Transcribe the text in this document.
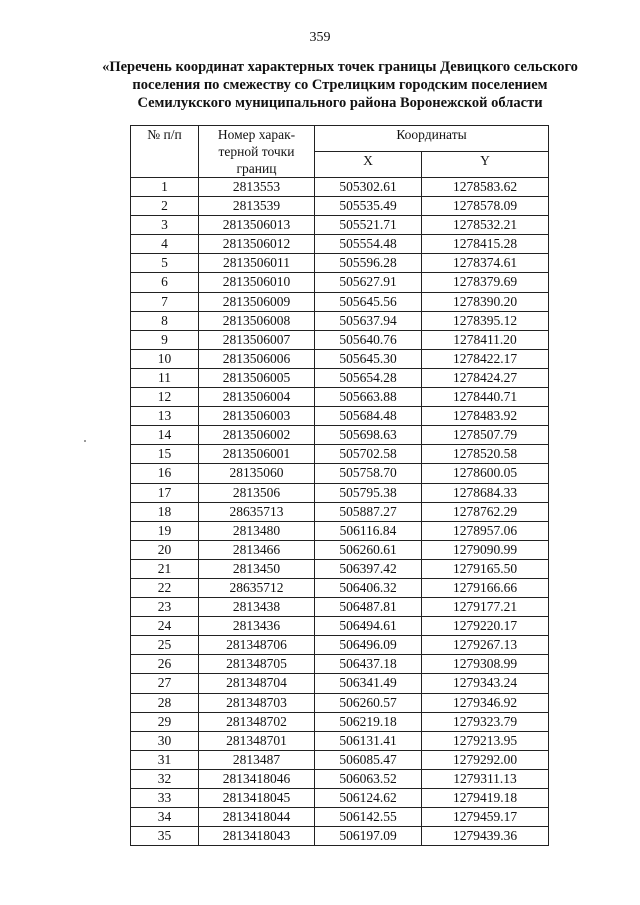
359
«Перечень координат характерных точек границы Девицкого сельского
поселения по смежеству со Стрелицким городским поселением
Семилукского муниципального района Воронежской области
№ п/п	Номер харак-
терной точки
границ	Координаты	
		X	Y
1	2813553	505302.61	1278583.62
2	2813539	505535.49	1278578.09
3	2813506013	505521.71	1278532.21
4	2813506012	505554.48	1278415.28
5	2813506011	505596.28	1278374.61
6	2813506010	505627.91	1278379.69
7	2813506009	505645.56	1278390.20
8	2813506008	505637.94	1278395.12
9	2813506007	505640.76	1278411.20
10	2813506006	505645.30	1278422.17
11	2813506005	505654.28	1278424.27
12	2813506004	505663.88	1278440.71
13	2813506003	505684.48	1278483.92
14	2813506002	505698.63	1278507.79
15	2813506001	505702.58	1278520.58
16	28135060	505758.70	1278600.05
17	2813506	505795.38	1278684.33
18	28635713	505887.27	1278762.29
19	2813480	506116.84	1278957.06
20	2813466	506260.61	1279090.99
21	2813450	506397.42	1279165.50
22	28635712	506406.32	1279166.66
23	2813438	506487.81	1279177.21
24	2813436	506494.61	1279220.17
25	281348706	506496.09	1279267.13
26	281348705	506437.18	1279308.99
27	281348704	506341.49	1279343.24
28	281348703	506260.57	1279346.92
29	281348702	506219.18	1279323.79
30	281348701	506131.41	1279213.95
31	2813487	506085.47	1279292.00
32	2813418046	506063.52	1279311.13
33	2813418045	506124.62	1279419.18
34	2813418044	506142.55	1279459.17
35	2813418043	506197.09	1279439.36
